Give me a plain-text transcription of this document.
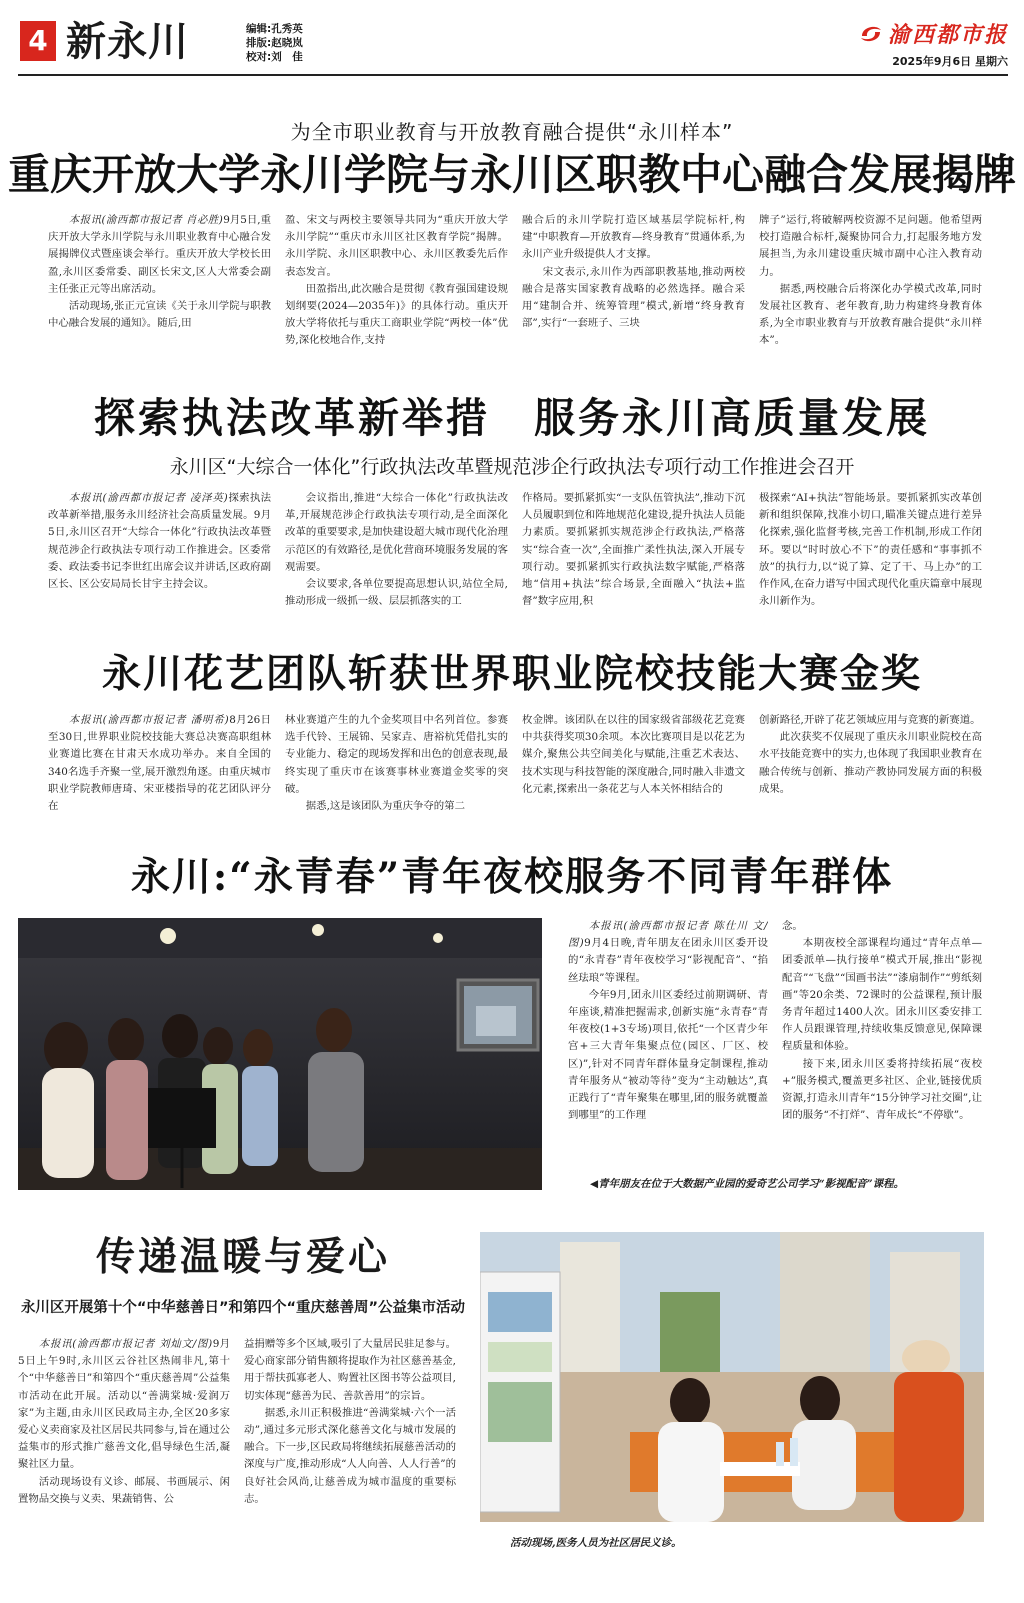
4 新永川	编辑:孔秀英
排版:赵晓岚
校对:刘　佳
渝西都市报
2025年9月6日 星期六
为全市职业教育与开放教育融合提供“永川样本”
重庆开放大学永川学院与永川区职教中心融合发展揭牌

本报讯(渝西都市报记者 肖必胜)9月5日,重庆开放大学永川学院与永川职业教育中心融合发展揭牌仪式暨座谈会举行。重庆开放大学校长田盈,永川区委常委、副区长宋文,区人大常委会副主任张正元等出席活动。

活动现场,张正元宣读《关于永川学院与职教中心融合发展的通知》。随后,田

盈、宋文与两校主要领导共同为“重庆开放大学永川学院”“重庆市永川区社区教育学院”揭牌。永川学院、永川区职教中心、永川区教委先后作表态发言。

田盈指出,此次融合是贯彻《教育强国建设规划纲要(2024—2035年)》的具体行动。重庆开放大学将依托与重庆工商职业学院“两校一体”优势,深化校地合作,支持

融合后的永川学院打造区域基层学院标杆,构建“中职教育—开放教育—终身教育”贯通体系,为永川产业升级提供人才支撑。

宋文表示,永川作为西部职教基地,推动两校融合是落实国家教育战略的必然选择。融合采用“建制合并、统筹管理”模式,新增“终身教育部”,实行“一套班子、三块

牌子”运行,将破解两校资源不足问题。他希望两校打造融合标杆,凝聚协同合力,打起服务地方发展担当,为永川建设重庆城市副中心注入教育动力。

据悉,两校融合后将深化办学模式改革,同时发展社区教育、老年教育,助力构建终身教育体系,为全市职业教育与开放教育融合提供“永川样本”。

探索执法改革新举措　服务永川高质量发展
永川区“大综合一体化”行政执法改革暨规范涉企行政执法专项行动工作推进会召开

本报讯(渝西都市报记者 凌泽英)探索执法改革新举措,服务永川经济社会高质量发展。9月5日,永川区召开“大综合一体化”行政执法改革暨规范涉企行政执法专项行动工作推进会。区委常委、政法委书记李世红出席会议并讲话,区政府副区长、区公安局局长甘宇主持会议。

会议指出,推进“大综合一体化”行政执法改革,开展规范涉企行政执法专项行动,是全面深化改革的重要要求,是加快建设超大城市现代化治理示范区的有效路径,是优化营商环境服务发展的客观需要。

会议要求,各单位要提高思想认识,站位全局,推动形成一级抓一级、层层抓落实的工

作格局。要抓紧抓实“一支队伍管执法”,推动下沉人员履职到位和阵地规范化建设,提升执法人员能力素质。要抓紧抓实规范涉企行政执法,严格落实“综合查一次”,全面推广柔性执法,深入开展专项行动。要抓紧抓实行政执法数字赋能,严格落地“信用+执法”综合场景,全面融入“执法+监督”数字应用,积

极探索“AI+执法”智能场景。要抓紧抓实改革创新和组织保障,找准小切口,瞄准关键点进行差异化探索,强化监督考核,完善工作机制,形成工作闭环。要以“时时放心不下”的责任感和“事事抓不放”的执行力,以“说了算、定了干、马上办”的工作作风,在奋力谱写中国式现代化重庆篇章中展现永川新作为。

永川花艺团队斩获世界职业院校技能大赛金奖

本报讯(渝西都市报记者 潘明希)8月26日至30日,世界职业院校技能大赛总决赛高职组林业赛道比赛在甘肃天水成功举办。来自全国的340名选手齐聚一堂,展开激烈角逐。由重庆城市职业学院教师唐琦、宋亚楼指导的花艺团队评分在

林业赛道产生的九个金奖项目中名列首位。参赛选手代铃、王展锦、吴家垚、唐裕杭凭借扎实的专业能力、稳定的现场发挥和出色的创意表现,最终实现了重庆市在该赛事林业赛道金奖零的突破。

据悉,这是该团队为重庆争夺的第二

枚金牌。该团队在以往的国家级省部级花艺竞赛中共获得奖项30余项。本次比赛项目是以花艺为媒介,聚焦公共空间美化与赋能,注重艺术表达、技术实现与科技智能的深度融合,同时融入非遗文化元素,探索出一条花艺与人本关怀相结合的

创新路径,开辟了花艺领域应用与竞赛的新赛道。

此次获奖不仅展现了重庆永川职业院校在高水平技能竞赛中的实力,也体现了我国职业教育在融合传统与创新、推动产教协同发展方面的积极成果。

永川:“永青春”青年夜校服务不同青年群体

本报讯(渝西都市报记者 陈仕川 文/图)9月4日晚,青年朋友在团永川区委开设的“永青春”青年夜校学习“影视配音”、“掐丝珐琅”等课程。

今年9月,团永川区委经过前期调研、青年座谈,精准把握需求,创新实施“永青春”青年夜校(1+3专场)项目,依托“一个区青少年宫+三大青年集聚点位(园区、厂区、校区)”,针对不同青年群体量身定制课程,推动青年服务从“被动等待”变为“主动触达”,真正践行了“青年聚集在哪里,团的服务就覆盖到哪里”的工作理

念。

本期夜校全部课程均通过“青年点单—团委派单—执行接单”模式开展,推出“影视配音”“飞盘”“国画书法”“漆扇制作”“剪纸刻画”等20余类、72课时的公益课程,预计服务青年超过1400人次。团永川区委安排工作人员跟课管理,持续收集反馈意见,保障课程质量和体验。

接下来,团永川区委将持续拓展“夜校+”服务模式,覆盖更多社区、企业,链接优质资源,打造永川青年“15分钟学习社交圈”,让团的服务“不打烊”、青年成长“不停歇”。

◀青年朋友在位于大数据产业园的爱奇艺公司学习“影视配音”课程。
传递温暖与爱心
永川区开展第十个“中华慈善日”和第四个“重庆慈善周”公益集市活动

本报讯(渝西都市报记者 刘灿文/图)9月5日上午9时,永川区云谷社区热闹非凡,第十个“中华慈善日”和第四个“重庆慈善周”公益集市活动在此开展。活动以“善满棠城·爱润万家”为主题,由永川区民政局主办,全区20多家爱心义卖商家及社区居民共同参与,旨在通过公益集市的形式推广慈善文化,倡导绿色生活,凝聚社区力量。

活动现场设有义诊、邮展、书画展示、闲置物品交换与义卖、果蔬销售、公

益捐赠等多个区域,吸引了大量居民驻足参与。爱心商家部分销售额将提取作为社区慈善基金,用于帮扶孤寡老人、购置社区图书等公益项目,切实体现“慈善为民、善款善用”的宗旨。

据悉,永川正积极推进“善满棠城·六个一活动”,通过多元形式深化慈善文化与城市发展的融合。下一步,区民政局将继续拓展慈善活动的深度与广度,推动形成“人人向善、人人行善”的良好社会风尚,让慈善成为城市温度的重要标志。

活动现场,医务人员为社区居民义诊。
